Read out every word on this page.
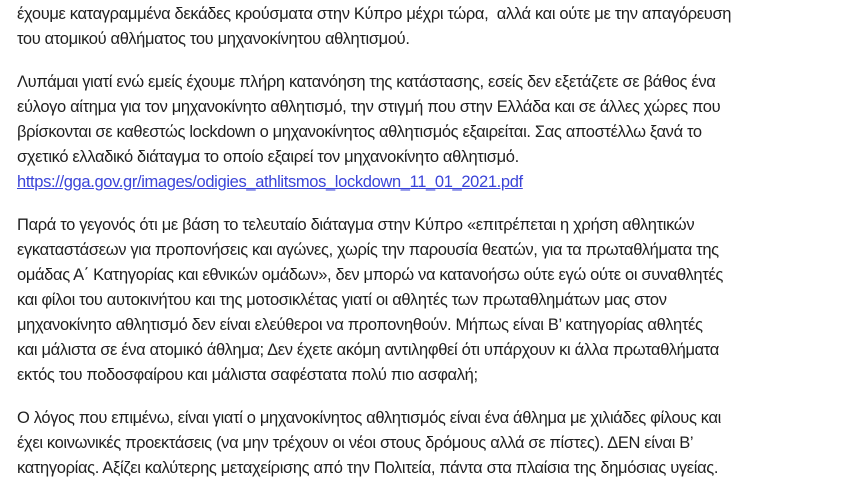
έχουμε καταγραμμένα δεκάδες κρούσματα στην Κύπρο μέχρι τώρα,  αλλά και ούτε με την απαγόρευση
του ατομικού αθλήματος του μηχανοκίνητου αθλητισμού.
Λυπάμαι γιατί ενώ εμείς έχουμε πλήρη κατανόηση της κατάστασης, εσείς δεν εξετάζετε σε βάθος ένα
εύλογο αίτημα για τον μηχανοκίνητο αθλητισμό, την στιγμή που στην Ελλάδα και σε άλλες χώρες που
βρίσκονται σε καθεστώς lockdown ο μηχανοκίνητος αθλητισμός εξαιρείται. Σας αποστέλλω ξανά το
σχετικό ελλαδικό διάταγμα το οποίο εξαιρεί τον μηχανοκίνητο αθλητισμό.
https://gga.gov.gr/images/odigies_athlitsmos_lockdown_11_01_2021.pdf
Παρά το γεγονός ότι με βάση το τελευταίο διάταγμα στην Κύπρο «επιτρέπεται η χρήση αθλητικών
εγκαταστάσεων για προπονήσεις και αγώνες, χωρίς την παρουσία θεατών, για τα πρωταθλήματα της
ομάδας Α΄ Κατηγορίας και εθνικών ομάδων», δεν μπορώ να κατανοήσω ούτε εγώ ούτε οι συναθλητές
και φίλοι του αυτοκινήτου και της μοτοσικλέτας γιατί οι αθλητές των πρωταθλημάτων μας στον
μηχανοκίνητο αθλητισμό δεν είναι ελεύθεροι να προπονηθούν. Μήπως είναι Β’ κατηγορίας αθλητές
και μάλιστα σε ένα ατομικό άθλημα; Δεν έχετε ακόμη αντιληφθεί ότι υπάρχουν κι άλλα πρωταθλήματα
εκτός του ποδοσφαίρου και μάλιστα σαφέστατα πολύ πιο ασφαλή;
Ο λόγος που επιμένω, είναι γιατί ο μηχανοκίνητος αθλητισμός είναι ένα άθλημα με χιλιάδες φίλους και
έχει κοινωνικές προεκτάσεις (να μην τρέχουν οι νέοι στους δρόμους αλλά σε πίστες). ΔΕΝ είναι Β’
κατηγορίας. Αξίζει καλύτερης μεταχείρισης από την Πολιτεία, πάντα στα πλαίσια της δημόσιας υγείας.
